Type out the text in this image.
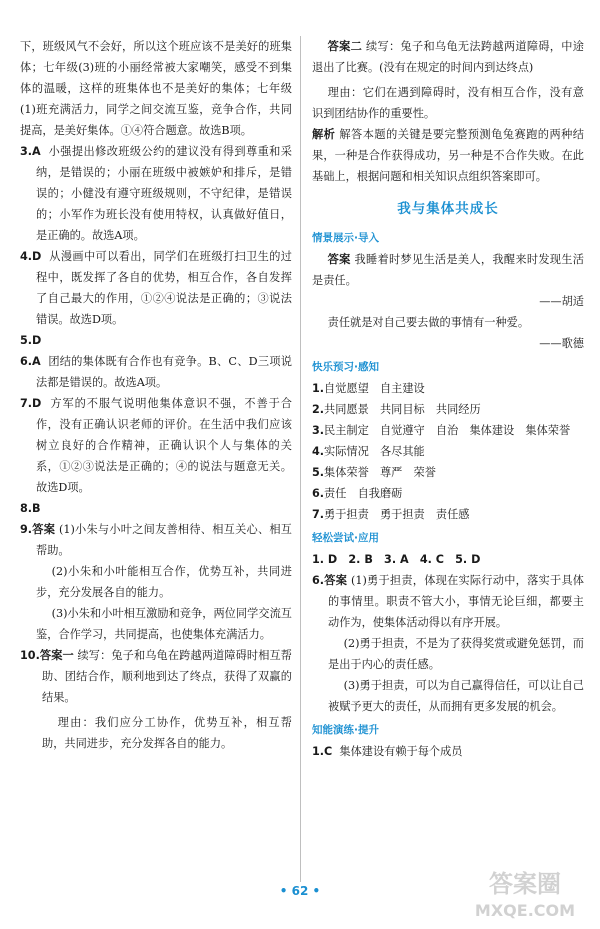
下，班级风气不会好，所以这个班应该不是美好的班集体；七年级(3)班的小丽经常被大家嘲笑，感受不到集体的温暖，这样的班集体也不是美好的集体；七年级(1)班充满活力，同学之间交流互鉴，竞争合作，共同提高，是美好集体。①④符合题意。故选B项。

3.A 小强提出修改班级公约的建议没有得到尊重和采纳，是错误的；小丽在班级中被嫉妒和排斥，是错误的；小健没有遵守班级规则，不守纪律，是错误的；小军作为班长没有使用特权，认真做好值日，是正确的。故选A项。

4.D 从漫画中可以看出，同学们在班级打扫卫生的过程中，既发挥了各自的优势，相互合作，各自发挥了自己最大的作用，①②④说法是正确的；③说法错误。故选D项。

5.D

6.A 团结的集体既有合作也有竞争。B、C、D三项说法都是错误的。故选A项。

7.D 方军的不服气说明他集体意识不强，不善于合作，没有正确认识老师的评价。在生活中我们应该树立良好的合作精神，正确认识个人与集体的关系，①②③说法是正确的；④的说法与题意无关。故选D项。

8.B

9.答案 (1)小朱与小叶之间友善相待、相互关心、相互帮助。

(2)小朱和小叶能相互合作，优势互补，共同进步，充分发展各自的能力。

(3)小朱和小叶相互激励和竞争，两位同学交流互鉴，合作学习，共同提高，也使集体充满活力。

10.答案一 续写：兔子和乌龟在跨越两道障碍时相互帮助、团结合作，顺利地到达了终点，获得了双赢的结果。

理由：我们应分工协作，优势互补，相互帮助，共同进步，充分发挥各自的能力。

答案二 续写：兔子和乌龟无法跨越两道障碍，中途退出了比赛。(没有在规定的时间内到达终点)

理由：它们在遇到障碍时，没有相互合作，没有意识到团结协作的重要性。

解析 解答本题的关键是要完整预测龟兔赛跑的两种结果，一种是合作获得成功，另一种是不合作失败。在此基础上，根据问题和相关知识点组织答案即可。

我与集体共成长
情景展示·导入

答案 我睡着时梦见生活是美人，我醒来时发现生活是责任。

——胡适

责任就是对自己要去做的事情有一种爱。

——歌德

快乐预习·感知

1.自觉愿望　自主建设

2.共同愿景　共同目标　共同经历

3.民主制定　自觉遵守　自治　集体建设　集体荣誉

4.实际情况　各尽其能

5.集体荣誉　尊严　荣誉

6.责任　自我磨砺

7.勇于担责　勇于担责　责任感

轻松尝试·应用

1. D　2. B　3. A　4. C　5. D

6.答案 (1)勇于担责，体现在实际行动中，落实于具体的事情里。职责不管大小，事情无论巨细，都要主动作为，使集体活动得以有序开展。

(2)勇于担责，不是为了获得奖赏或避免惩罚，而是出于内心的责任感。

(3)勇于担责，可以为自己赢得信任，可以让自己被赋予更大的责任，从而拥有更多发展的机会。

知能演练·提升

1.C 集体建设有赖于每个成员

• 62 •	答案圈
MXQE.COM
